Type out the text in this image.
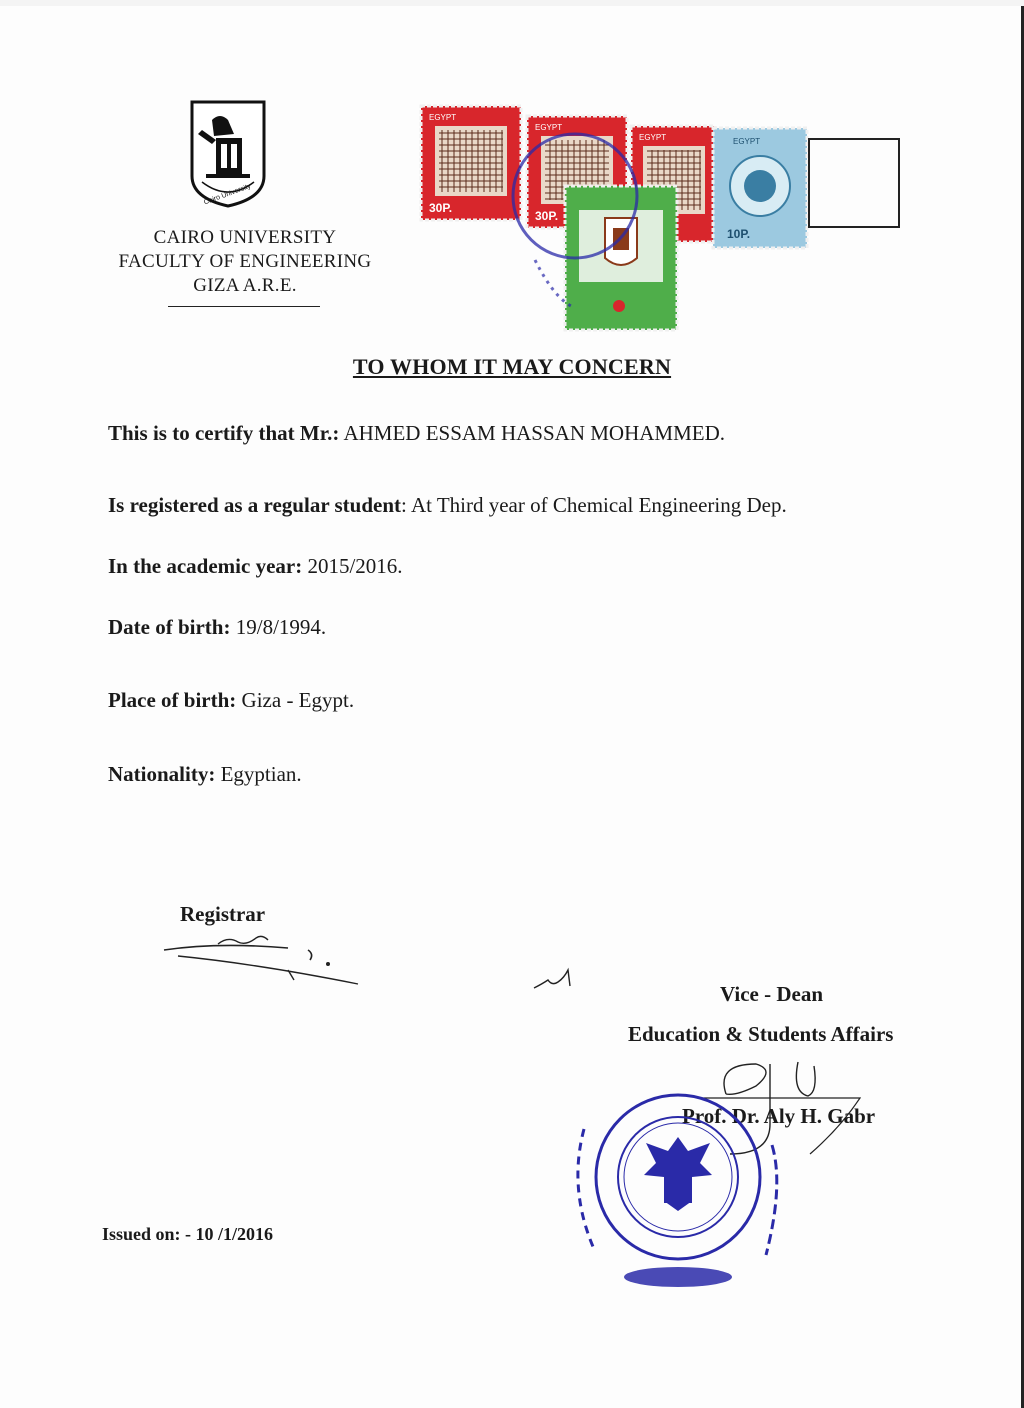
Cairo University
CAIRO UNIVERSITY
FACULTY OF ENGINEERING
GIZA A.R.E.
EGYPT
30P.
EGYPT
30P.
EGYPT	EGYPT
10P.
TO WHOM IT MAY CONCERN
This is to certify that Mr.: AHMED ESSAM HASSAN MOHAMMED.
Is registered as a regular student: At Third year of Chemical Engineering Dep.
In the academic year: 2015/2016.
Date of birth: 19/8/1994.
Place of birth: Giza - Egypt.
Nationality: Egyptian.
Registrar
Vice - Dean
Education & Students Affairs
Prof. Dr. Aly H. Gabr
Issued on: - 10 /1/2016
